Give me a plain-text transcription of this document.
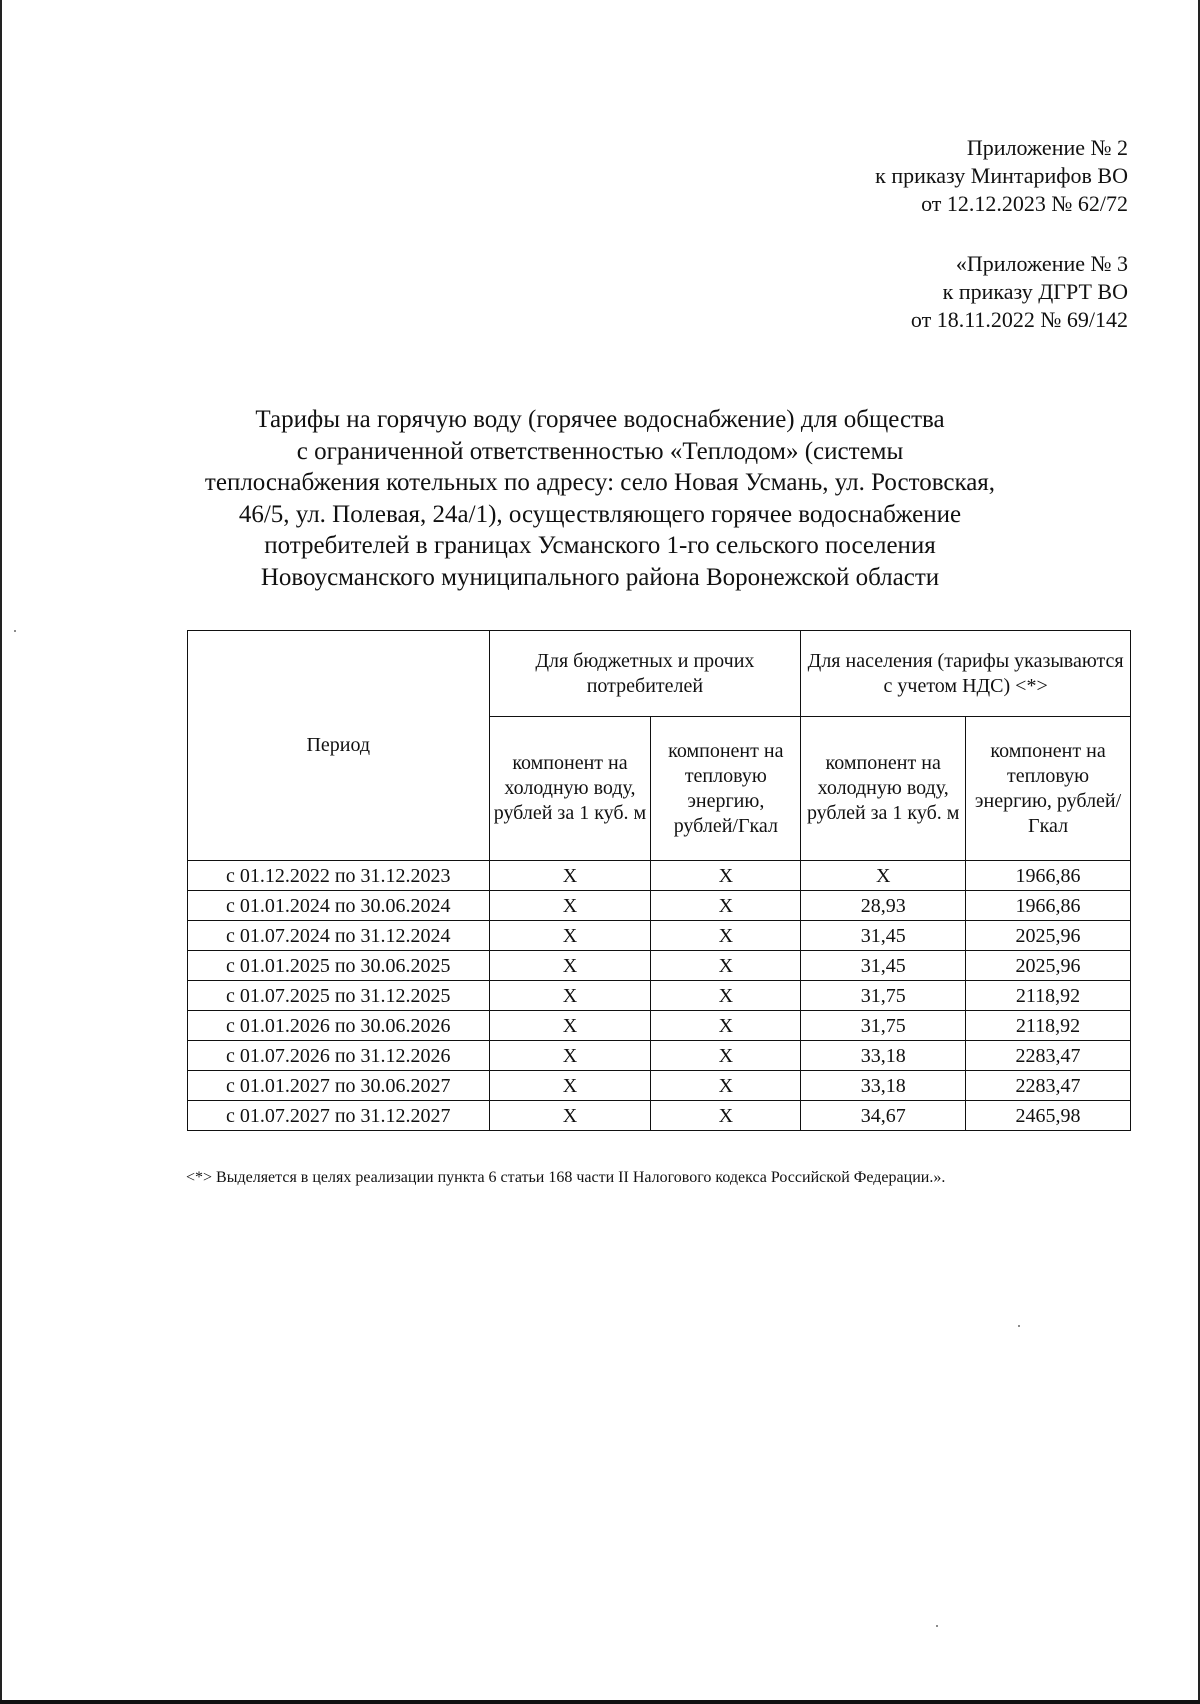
Приложение № 2
к приказу Минтарифов ВО
от 12.12.2023 № 62/72
«Приложение № 3
к приказу ДГРТ ВО
от 18.11.2022 № 69/142
Тарифы на горячую воду (горячее водоснабжение) для общества
с ограниченной ответственностью «Теплодом» (системы
теплоснабжения котельных по адресу: село Новая Усмань, ул. Ростовская,
46/5, ул. Полевая, 24а/1), осуществляющего горячее водоснабжение
потребителей в границах Усманского 1-го сельского поселения
Новоусманского муниципального района Воронежской области
Период	Для бюджетных и прочих потребителей		Для населения (тарифы указываются с учетом НДС) <*>	
	компонент на холодную воду, рублей за 1 куб. м	компонент на тепловую энергию, рублей/Гкал	компонент на холодную воду, рублей за 1 куб. м	компонент на тепловую энергию, рублей/Гкал
с 01.12.2022 по 31.12.2023	X	X	X	1966,86
с 01.01.2024 по 30.06.2024	X	X	28,93	1966,86
с 01.07.2024 по 31.12.2024	X	X	31,45	2025,96
с 01.01.2025 по 30.06.2025	X	X	31,45	2025,96
с 01.07.2025 по 31.12.2025	X	X	31,75	2118,92
с 01.01.2026 по 30.06.2026	X	X	31,75	2118,92
с 01.07.2026 по 31.12.2026	X	X	33,18	2283,47
с 01.01.2027 по 30.06.2027	X	X	33,18	2283,47
с 01.07.2027 по 31.12.2027	X	X	34,67	2465,98
<*> Выделяется в целях реализации пункта 6 статьи 168 части II Налогового кодекса Российской Федерации.».
